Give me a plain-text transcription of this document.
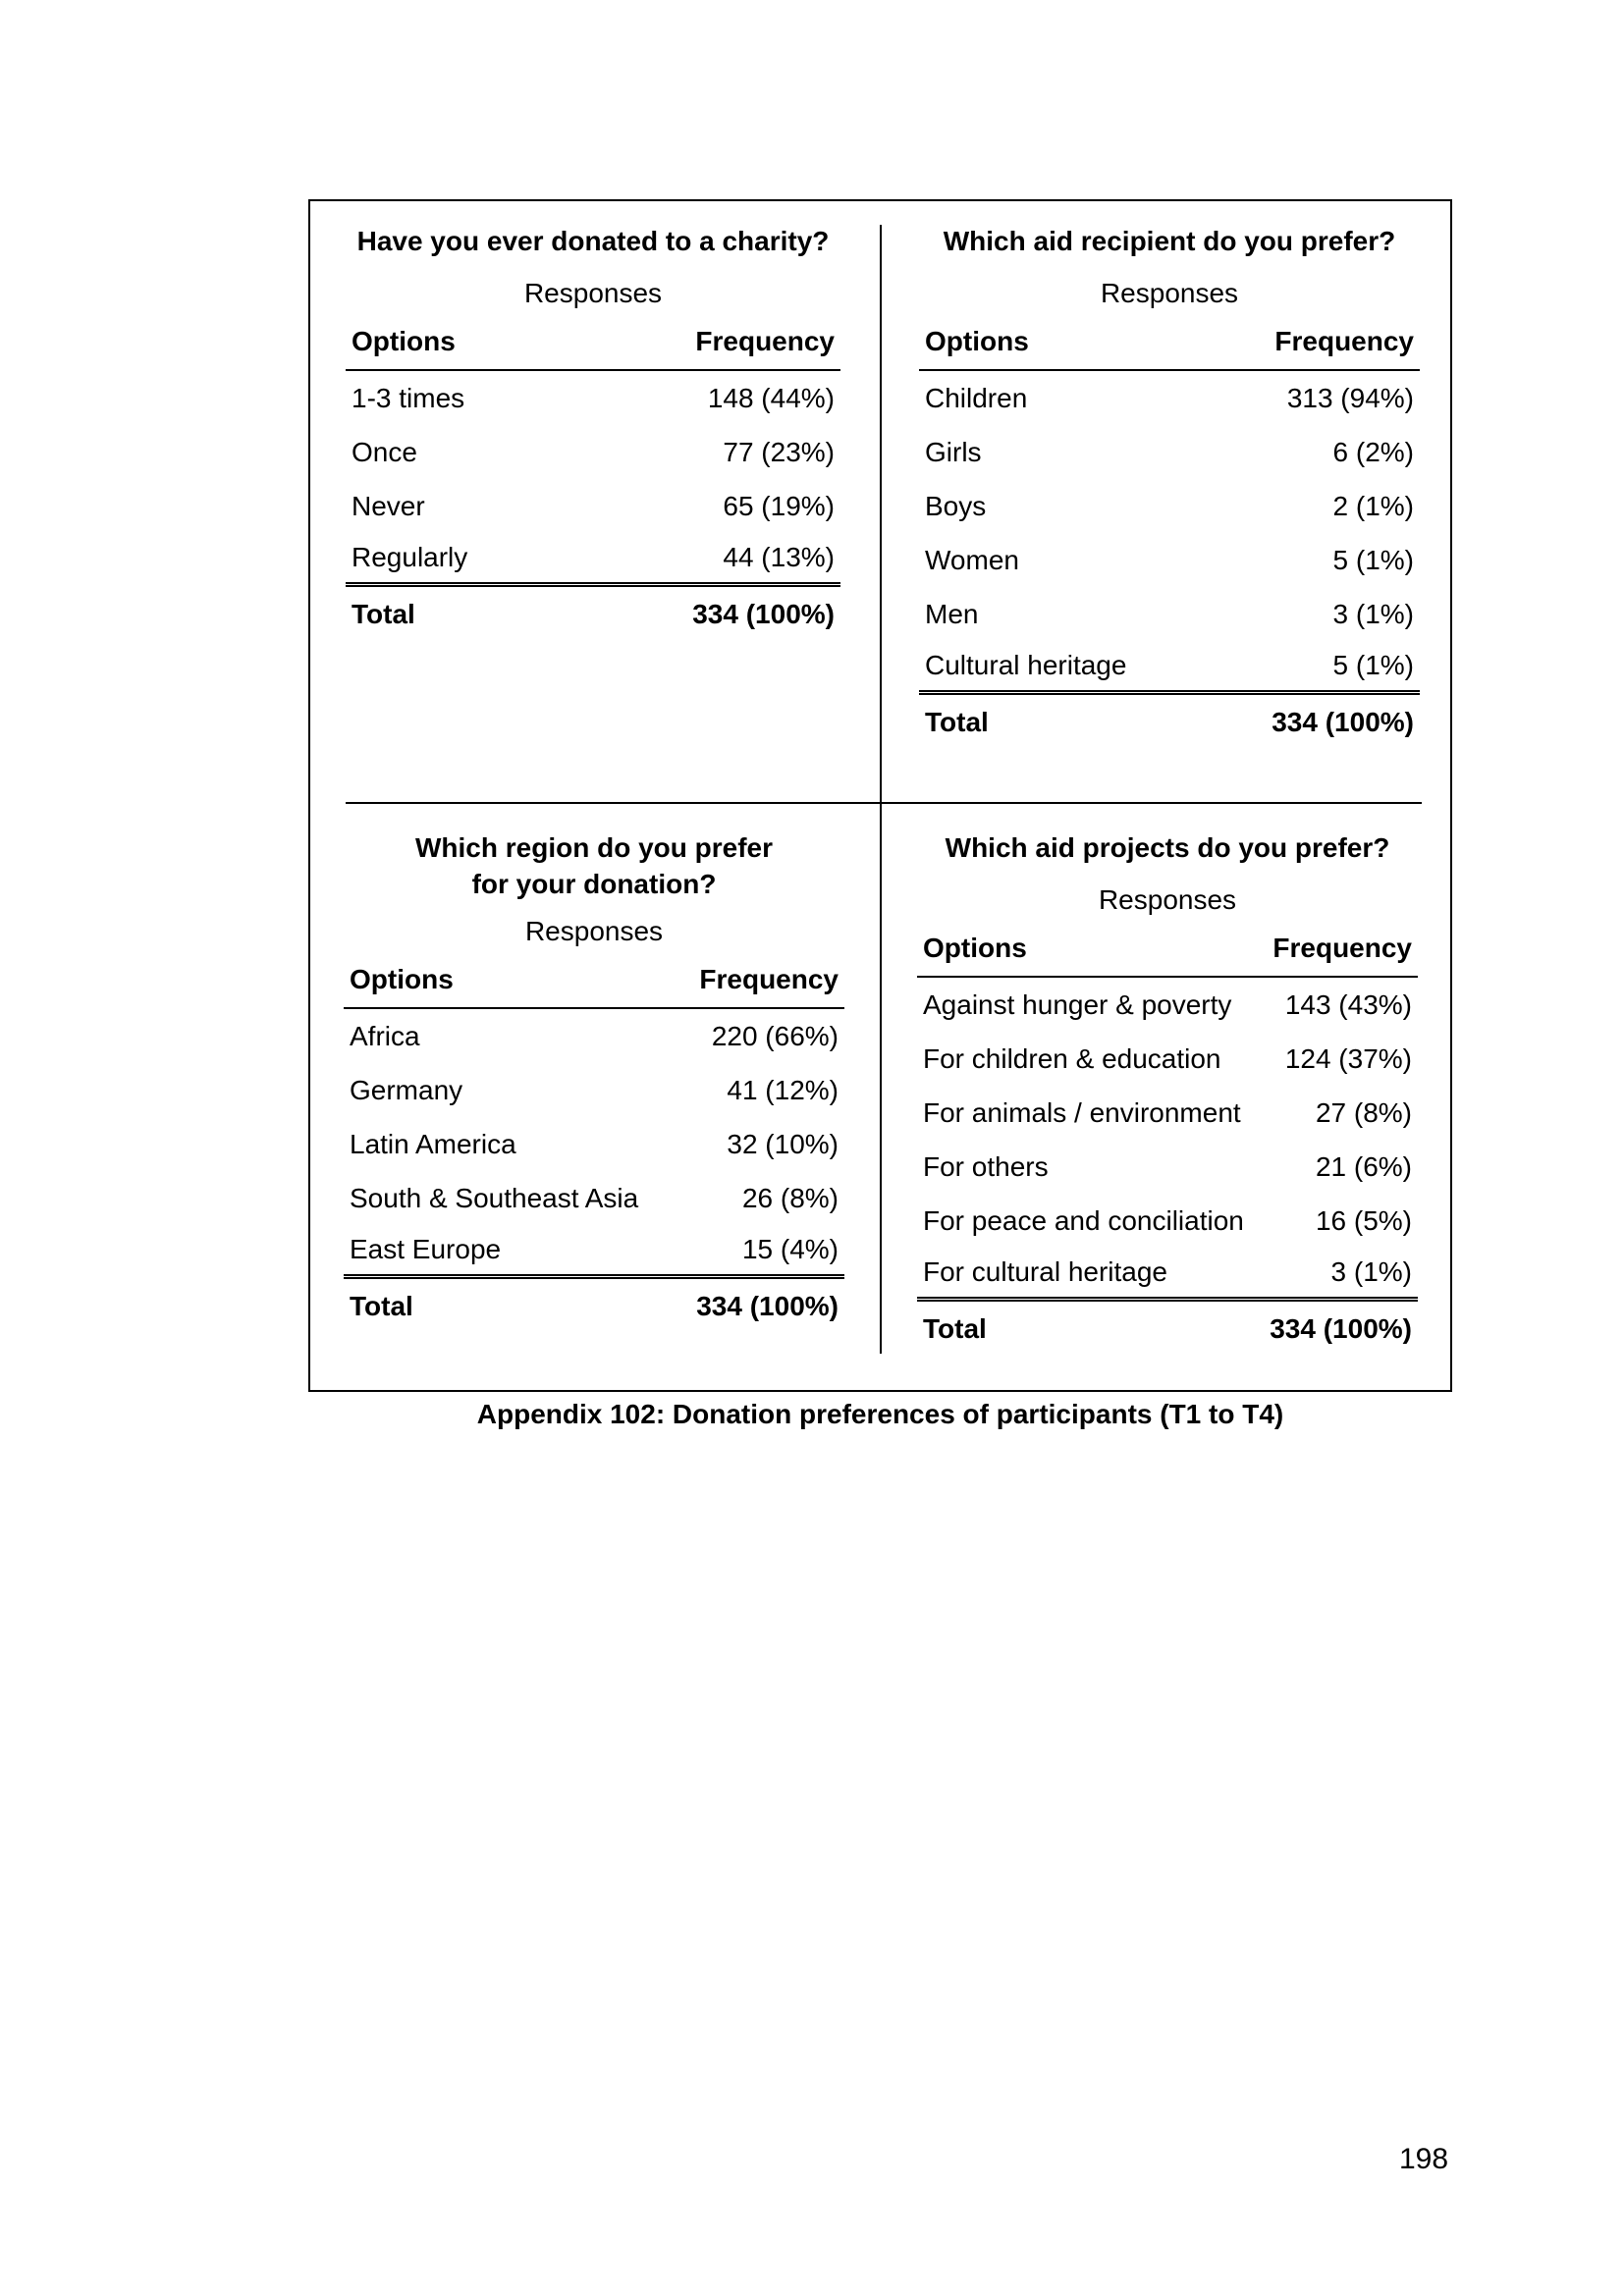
Have you ever donated to a charity?
Responses
Options	Frequency
1-3 times	148 (44%)
Once	77 (23%)
Never	65 (19%)
Regularly	44 (13%)
Total	334 (100%)
Which aid recipient do you prefer?
Responses
Options	Frequency
Children	313 (94%)
Girls	6 (2%)
Boys	2 (1%)
Women	5 (1%)
Men	3 (1%)
Cultural heritage	5 (1%)
Total	334 (100%)
Which region do you prefer
for your donation?
Responses
Options	Frequency
Africa	220 (66%)
Germany	41 (12%)
Latin America	32 (10%)
South & Southeast Asia	26 (8%)
East Europe	15 (4%)
Total	334 (100%)
Which aid projects do you prefer?
Responses
Options	Frequency
Against hunger & poverty 143 (43%)
For children & education 124 (37%)
For animals / environment	27 (8%)
For others	21 (6%)
For peace and conciliation	16 (5%)
For cultural heritage	3 (1%)
Total	334 (100%)
Appendix 102: Donation preferences of participants (T1 to T4)
198
